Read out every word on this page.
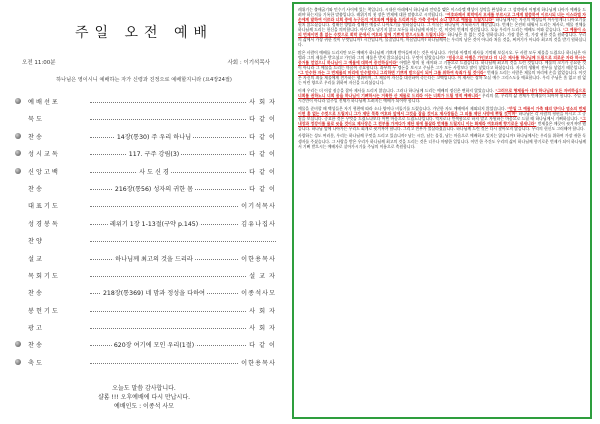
주일 오전 예배
오전 11:00분	사회 : 이기석목사
하나님은 영이시니 예배하는 자가 신령과 진정으로 예배할지니라 (요4장24절)
예배선포	사 회 자
묵도	다 같 이
찬송	14장(통30) 주 우리 하나님	다 같 이
성시교독	117. 구주 강림(3)	다 같 이
신앙고백	사 도 신 경	다 같 이
찬송	216장(통56) 성자의 귀한 몸	다 같 이
대표기도	이기석목사
성경봉독	레위기 1장 1-13절(구약 p.145)	김유나집사
찬양
설교	하나님께 최고의 것을 드리라	이한용목사
목회기도	설 교 자
찬송	218장(통369) 네 맘과 정성을 다하여	이종석사모
봉헌기도	사 회 자
광고	사 회 자
찬송	620장 여기에 모인 우리(1절)	다 같 이
축도	이한용목사
오늘도 말씀 감사합니다.
샬롬 !!! 오후예배에 다시 만납시다.
예배인도 : 이종석 사모

레위기는 출애굽기와 민수기 사이에 있는 책입니다. 시내산 아래에서 하나님과 언약을 맺은 이스라엘 백성이 성막을 완성하고 그 성막에서 어떻게 하나님께 나아가 예배를 드려야 하는지를 기록한 말씀입니다. 레위기의 첫 장은 번제에 대한 말씀으로 시작됩니다. "여호와께서 회막에서 모세를 부르시고 그에게 말씀하여 이르시되 너는 이스라엘 자손에게 말하여 이르라 너희 중에 누구든지 여호와께 예물을 드리려거든 가축 중에서 소나 양으로 예물을 드릴지니라" 하나님께서는 자신의 백성들이 아무렇게나 나아오기를 원치 않으셨습니다. 정해진 방법과 정해진 예물로 나아오기를 원하셨습니다. 그 이유는 하나님이 거룩하시기 때문입니다. 번제는 온전히 태워서 드리는 제사로, 예물 전체를 하나님께 드리는 헌신을 의미합니다. 아무것도 남기지 않고 모두를 하나님께 바치는 것, 이것이 번제의 정신입니다. 오늘 우리가 드리는 예배도 이와 같습니다. "그 예물이 소의 번제이면 흠 없는 수컷으로 회막 문에서 여호와 앞에 기쁘게 받으시도록 드릴지니라" 하나님은 흠 없는 것을 원하십니다. 가장 좋은 것, 가장 귀한 것을 원하십니다. 우리의 삶에서 가장 귀한 것이 무엇입니까? 시간입니까, 물질입니까, 마음입니까? 하나님께서는 우리의 남은 것이 아니라 처음 것을, 찌꺼기가 아니라 최고의 것을 받기 원하십니다.

많은 사람이 예배를 드리지만 모든 예배가 하나님께 기쁘게 받아들여지는 것은 아닙니다. 가인과 아벨의 제사를 기억해 보십시오. 두 사람 모두 제물을 드렸으나 하나님은 아벨과 그의 제물은 받으셨고 가인과 그의 제물은 받지 않으셨습니다. 무엇이 달랐습니까? "믿음으로 아벨은 가인보다 더 나은 제사를 하나님께 드림으로 의로운 자라 하시는 증거를 얻었으니 하나님이 그 예물에 대하여 증언하심이라" 아벨은 양의 첫 새끼와 그 기름으로 드렸습니다. 하나님께 최고의 것을 드린 것입니다. 예물의 크기가 중요한 것이 아니라 그 예물을 드리는 마음이 중요합니다. 과부의 두 렙돈을 보시고 주님은 그가 모든 사람보다 많이 넣었다고 하셨습니다. 자기의 생활비 전부를 넣었기 때문입니다. "그 안수한 자는 그 번제물의 머리에 안수할지니 그리하면 기쁘게 받으심이 되어 그를 위하여 속죄가 될 것이라" 번제를 드리는 사람은 제물의 머리에 손을 얹었습니다. 이것은 자신의 죄를 제물에게 전가하는 행위이며, 그 제물이 자신을 대신하여 죽는다는 고백입니다. 이 제사는 장차 오실 예수 그리스도를 예표합니다. 우리 주님은 흠 없고 점 없는 어린 양으로 우리를 위하여 자신을 드리셨습니다.

이제 우리는 더 이상 짐승을 잡아 제사를 드리지 않습니다. 그러나 하나님께 드리는 예배의 정신은 변하지 않았습니다. "그러므로 형제들아 내가 하나님의 모든 자비하심으로 너희를 권하노니 너희 몸을 하나님이 기뻐하시는 거룩한 산 제물로 드리라 이는 너희가 드릴 영적 예배니라" 우리의 몸, 우리의 삶 전체가 번제물이 되어야 합니다. 주일 한 시간만이 아니라 일주일 전체가 하나님께 드려지는 예배가 되어야 합니다.

예물을 준비할 때 백성들은 자기 형편에 따라 소나 양이나 비둘기를 드렸습니다. 가난한 자도 예배에서 제외되지 않았습니다. "만일 그 예물이 가축 떼의 양이나 염소의 번제이면 흠 없는 수컷으로 드릴지니 그가 제단 북쪽 여호와 앞에서 그것을 잡을 것이요 제사장들은 그 피를 제단 사방에 뿌릴 것이며" 하나님은 각 사람의 형편을 아시고 그 중심을 보십니다. 중요한 것은 무엇을 드렸느냐보다 어떤 마음으로 드렸느냐입니다. 억지로나 인색함으로 하지 말고 자원하는 마음으로 드릴 때 하나님께서 기뻐하십니다. "그 내장과 정강이를 물로 씻을 것이요 제사장은 그 전부를 가져다가 제단 위에 불살라 번제를 드릴지니 이는 화제라 여호와께 향기로운 냄새니라" 번제물은 깨끗이 씻겨져야 했습니다. 하나님 앞에 나아가는 우리도 회개로 씻겨져야 합니다. 그리고 전부가 불살라졌습니다. 하나님께 드린 것은 다시 찾아오지 않습니다. 우리의 헌신도 그러해야 합니다.

사랑하는 성도 여러분, 우리는 하나님께 무엇을 드리고 있습니까? 남는 시간, 남는 물질, 남는 마음으로 예배하고 있지는 않습니까? 하나님께서는 우리를 위하여 가장 귀한 독생자를 주셨습니다. 그 사랑을 받은 우리가 하나님께 최고의 것을 드리는 것은 너무나 마땅한 일입니다. 이번 한 주간도 우리의 삶이 하나님께 향기로운 번제가 되어 하나님께서 기뻐 받으시는 예배자로 살아가시기를 주님의 이름으로 축원합니다.
